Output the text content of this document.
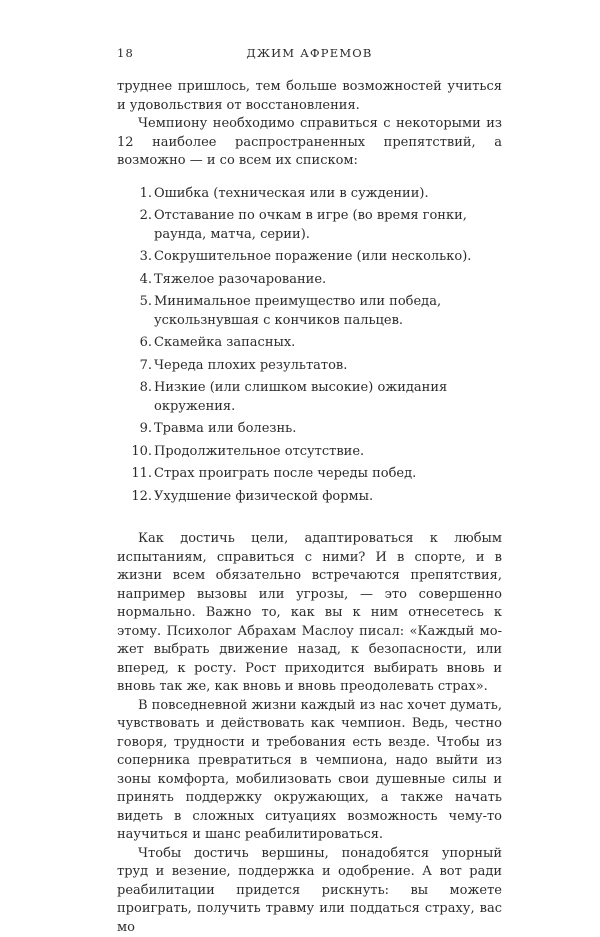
18	ДЖИМ АФРЕМОВ

труднее пришлось, тем больше возможностей учиться и удовольствия от восстановления.

Чемпиону необходимо справиться с некоторыми из 12 наиболее распространенных препятствий, а возможно — и со всем их списком:

1. Ошибка (техническая или в суждении).
2. Отставание по очкам в игре (во время гонки, раунда, матча, серии).
3. Сокрушительное поражение (или несколько).
4. Тяжелое разочарование.
5. Минимальное преимущество или победа, ускользнувшая с кончиков пальцев.
6. Скамейка запасных.
7. Череда плохих результатов.
8. Низкие (или слишком высокие) ожидания окружения.
9. Травма или болезнь.
10. Продолжительное отсутствие.
11. Страх проиграть после череды побед.
12. Ухудшение физической формы.

Как достичь цели, адаптироваться к любым испытаниям, справиться с ними? И в спорте, и в жизни всем обязательно встречаются препятствия, например вызовы или угрозы, — это совершенно нормально. Важно то, как вы к ним отнесетесь к этому. Психолог Абрахам Маслоу писал: «Каждый может выбрать движение назад, к безопасности, или вперед, к росту. Рост приходится выбирать вновь и вновь так же, как вновь и вновь преодолевать страх».

В повседневной жизни каждый из нас хочет думать, чувствовать и действовать как чемпион. Ведь, честно говоря, трудности и требования есть везде. Чтобы из соперника превратиться в чемпиона, надо выйти из зоны комфорта, мобилизовать свои душевные силы и принять поддержку окружающих, а также начать видеть в сложных ситуациях возможность чему-то научиться и шанс реабилитироваться.

Чтобы достичь вершины, понадобятся упорный труд и везение, поддержка и одобрение. А вот ради реабилитации придется рискнуть: вы можете проиграть, получить травму или поддаться страху, вас мо
